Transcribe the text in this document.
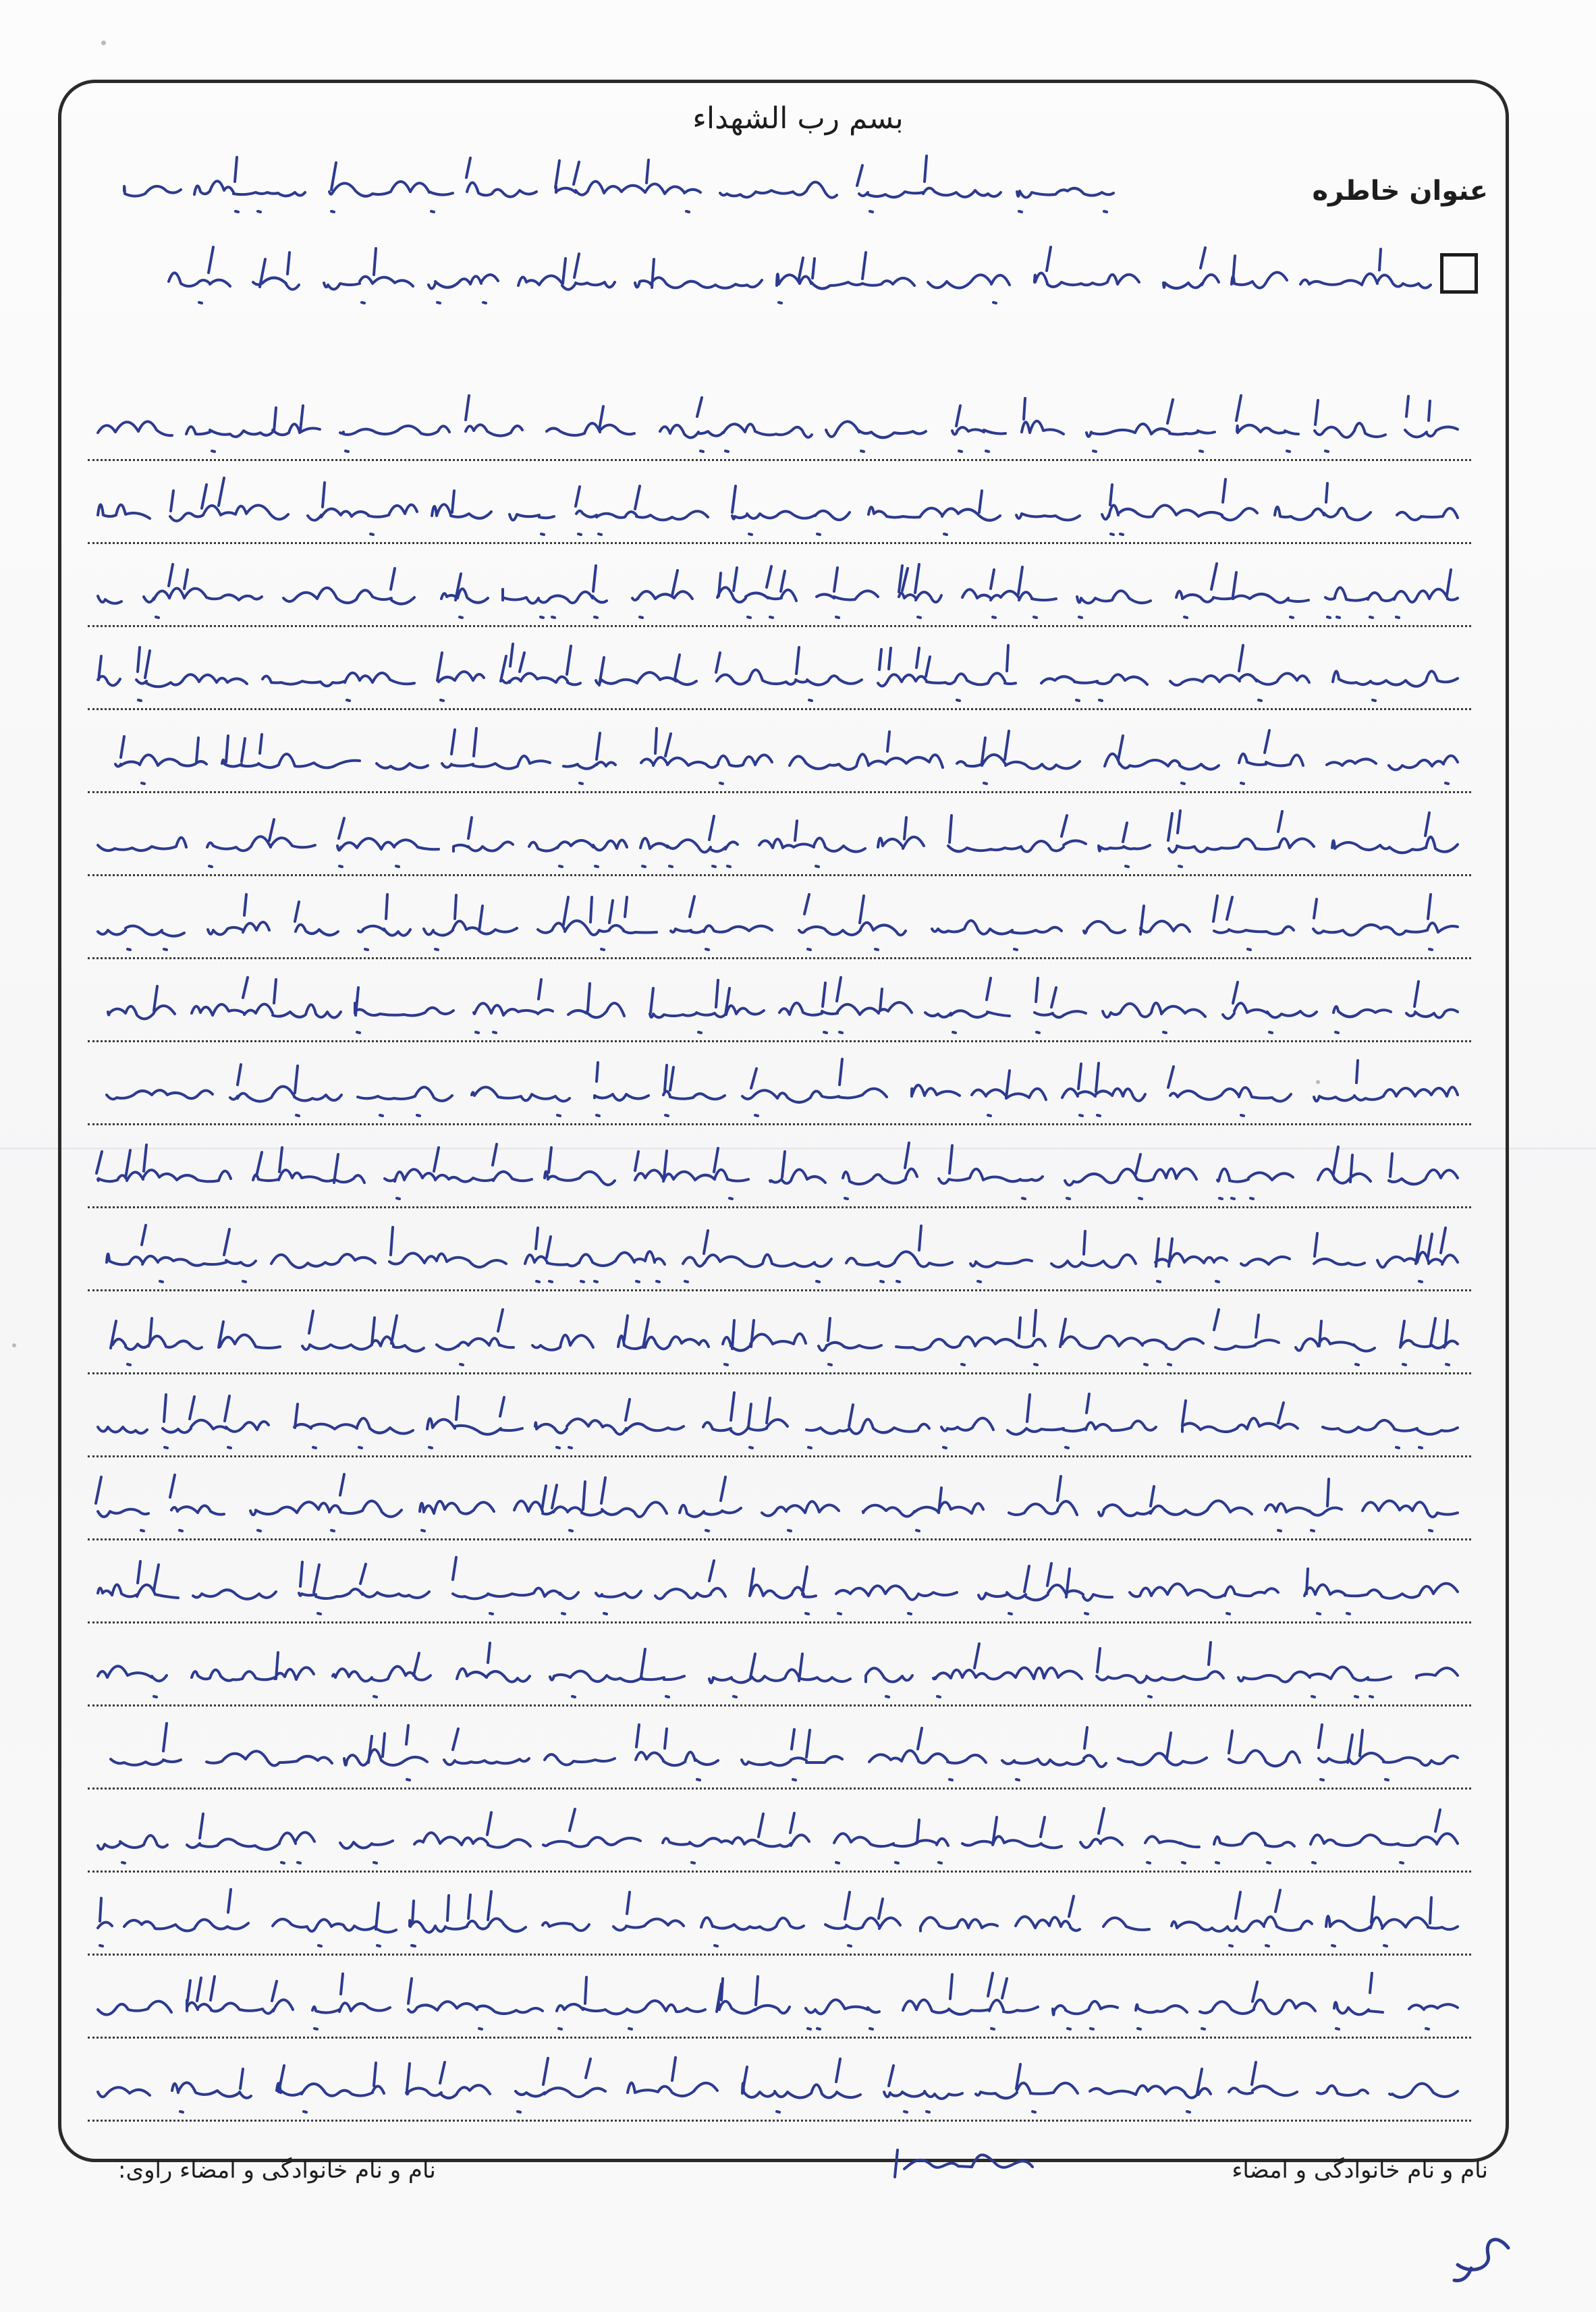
بسم رب الشهداء
عنوان خاطره
نام و نام خانوادگی و امضاء
نام و نام خانوادگی و امضاء راوی:
